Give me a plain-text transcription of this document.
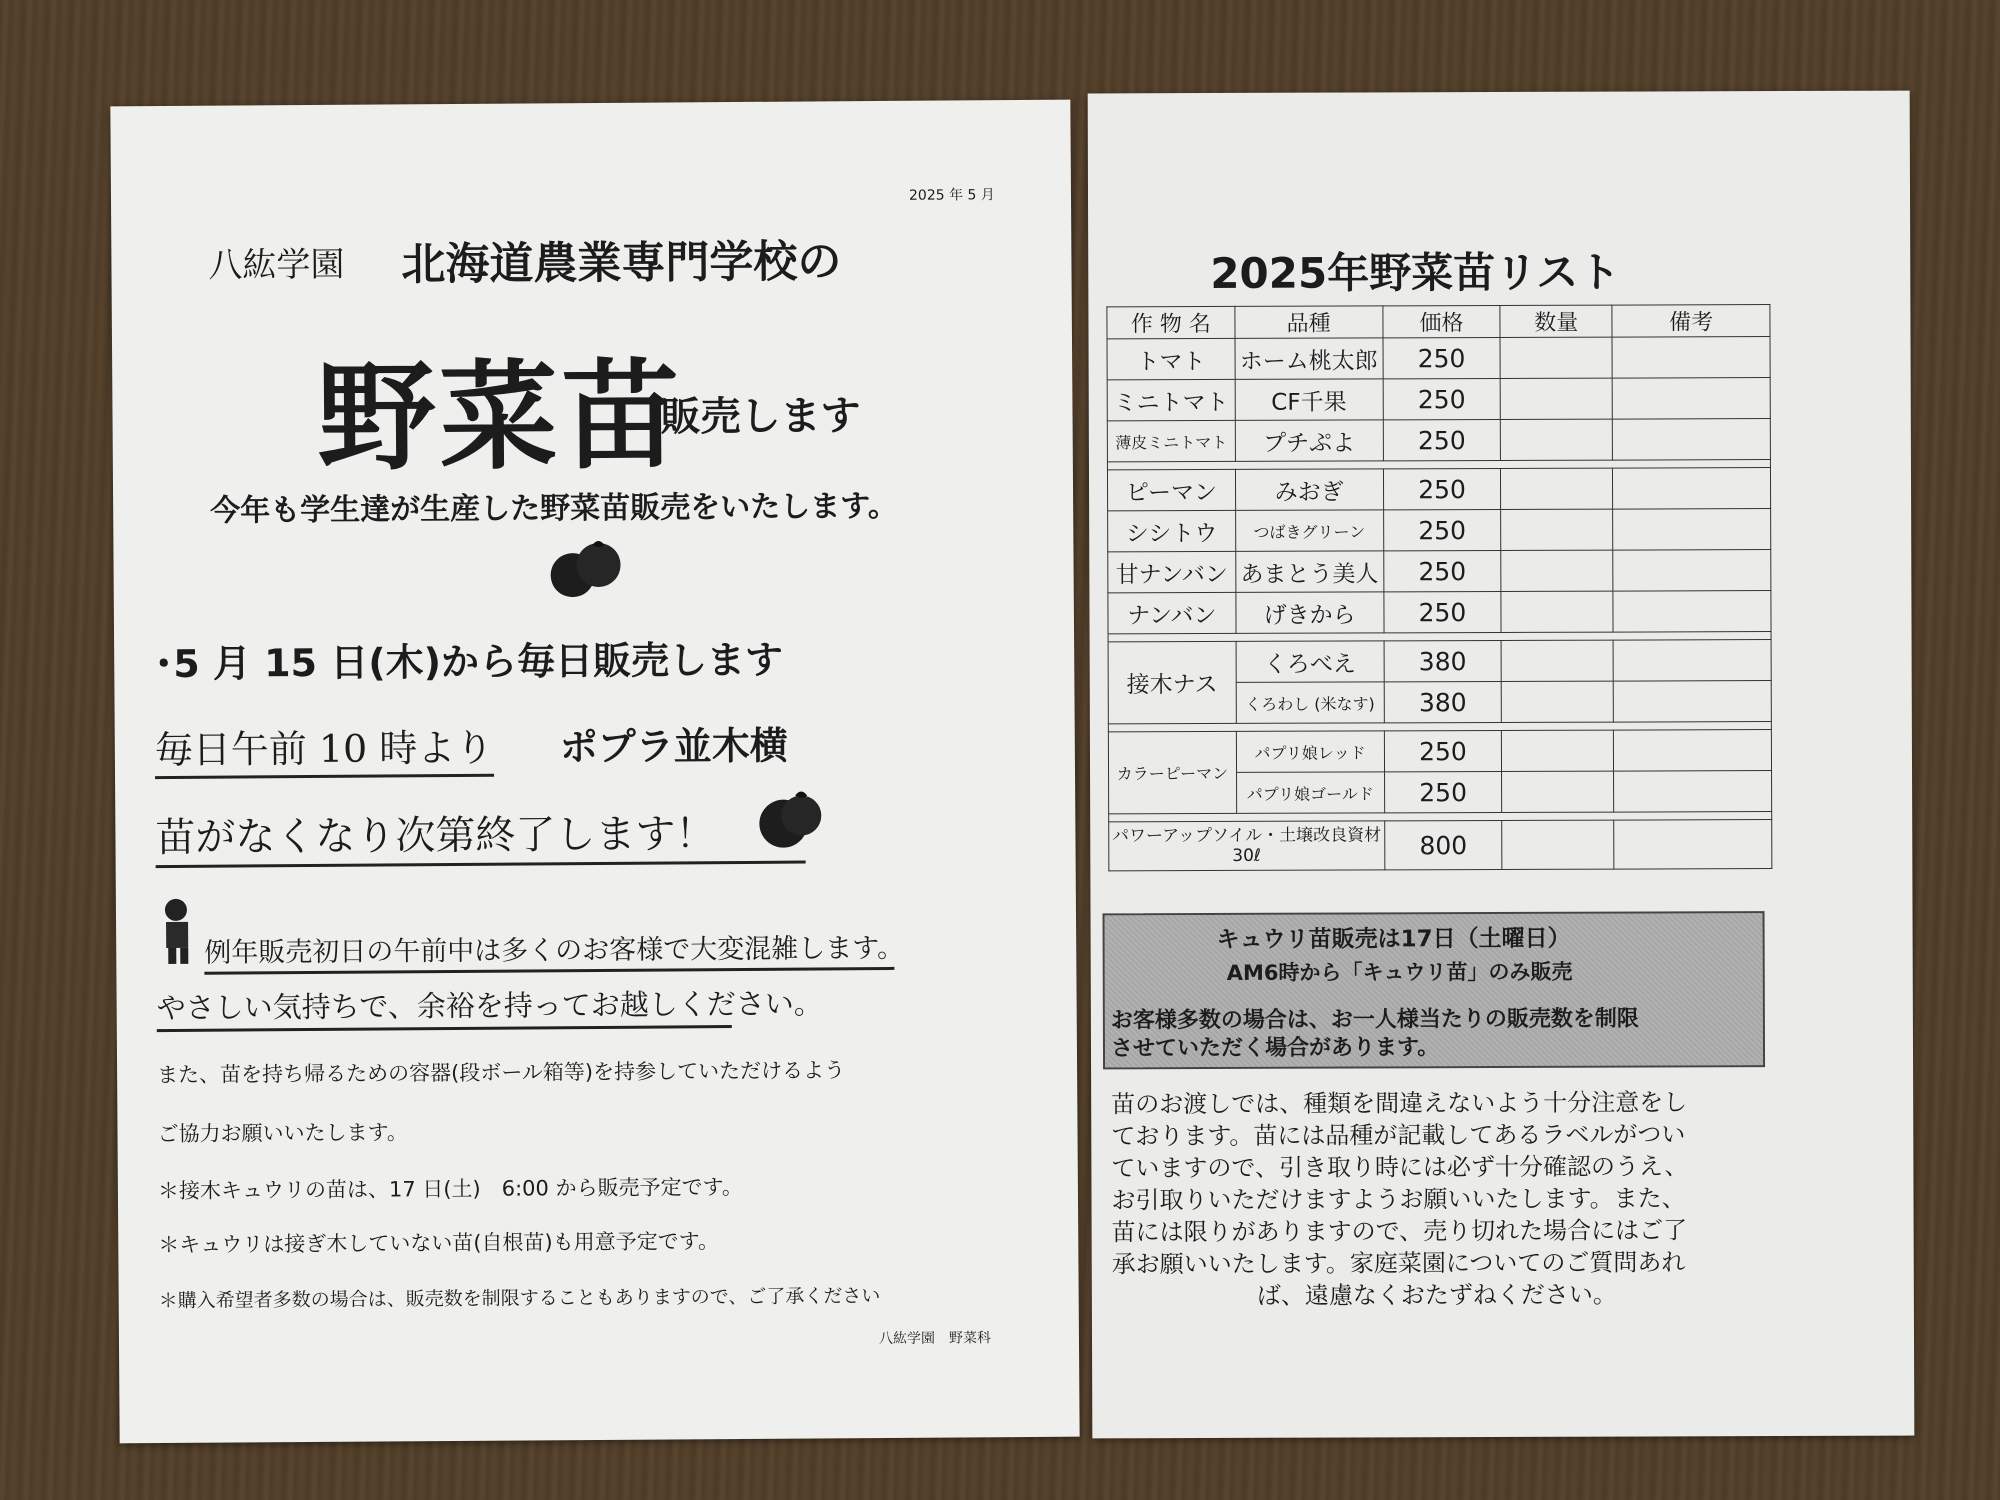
2025 年 5 月
八紘学園 北海道農業専門学校の
野菜苗
販売します
今年も学生達が生産した野菜苗販売をいたします。
･5 月 15 日(木)から毎日販売します
毎日午前 10 時より ポプラ並木横
苗がなくなり次第終了します！
例年販売初日の午前中は多くのお客様で大変混雑します。
やさしい気持ちで、余裕を持ってお越しください。
また、苗を持ち帰るための容器(段ボール箱等)を持参していただけるよう
ご協力お願いいたします。
＊接木キュウリの苗は、17 日(土)　6:00 から販売予定です。
＊キュウリは接ぎ木していない苗(自根苗)も用意予定です。
＊購入希望者多数の場合は、販売数を制限することもありますので、ご了承ください
八紘学園　野菜科
2025年野菜苗リスト
作 物 名	品種	価格	数量	備考
トマト	ホーム桃太郎	250		
ミニトマト	CF千果	250		
薄皮ミニトマト	プチぷよ	250		

ピーマン	みおぎ	250		
シシトウ	つばきグリーン	250		
甘ナンバン	あまとう美人	250		
ナンバン	げきから	250		

接木ナス	くろべえ	380		
	くろわし (米なす)	380		

カラーピーマン	パプリ娘レッド	250		
	パプリ娘ゴールド	250		

パワーアップソイル・土壌改良資材　30ℓ		800		
キュウリ苗販売は17日（土曜日）
AM6時から「キュウリ苗」のみ販売
お客様多数の場合は、お一人様当たりの販売数を制限
させていただく場合があります。
苗のお渡しでは、種類を間違えないよう十分注意をし
ております。苗には品種が記載してあるラベルがつい
ていますので、引き取り時には必ず十分確認のうえ、
お引取りいただけますようお願いいたします。また、
苗には限りがありますので、売り切れた場合にはご了
承お願いいたします。家庭菜園についてのご質問あれ
ば、遠慮なくおたずねください。
